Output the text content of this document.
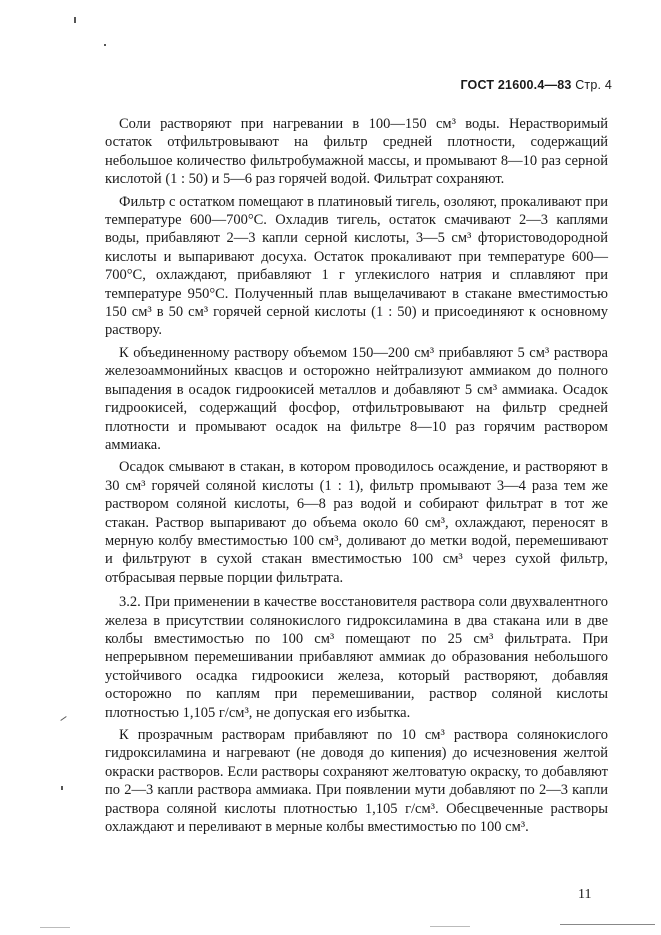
ГОСТ 21600.4—83 Стр. 4

Соли растворяют при нагревании в 100—150 см³ воды. Нерастворимый остаток отфильтровывают на фильтр средней плотности, содержащий небольшое количество фильтробумажной массы, и промывают 8—10 раз серной кислотой (1 : 50) и 5—6 раз горячей водой. Фильтрат сохраняют.

Фильтр с остатком помещают в платиновый тигель, озоляют, прокаливают при температуре 600—700°С. Охладив тигель, остаток смачивают 2—3 каплями воды, прибавляют 2—3 капли серной кислоты, 3—5 см³ фтористоводородной кислоты и выпаривают досуха. Остаток прокаливают при температуре 600—700°С, охлаждают, прибавляют 1 г углекислого натрия и сплавляют при температуре 950°С. Полученный плав выщелачивают в стакане вместимостью 150 см³ в 50 см³ горячей серной кислоты (1 : 50) и присоединяют к основному раствору.

К объединенному раствору объемом 150—200 см³ прибавляют 5 см³ раствора железоаммонийных квасцов и осторожно нейтрализуют аммиаком до полного выпадения в осадок гидроокисей металлов и добавляют 5 см³ аммиака. Осадок гидроокисей, содержащий фосфор, отфильтровывают на фильтр средней плотности и промывают осадок на фильтре 8—10 раз горячим раствором аммиака.

Осадок смывают в стакан, в котором проводилось осаждение, и растворяют в 30 см³ горячей соляной кислоты (1 : 1), фильтр промывают 3—4 раза тем же раствором соляной кислоты, 6—8 раз водой и собирают фильтрат в тот же стакан. Раствор выпаривают до объема около 60 см³, охлаждают, переносят в мерную колбу вместимостью 100 см³, доливают до метки водой, перемешивают и фильтруют в сухой стакан вместимостью 100 см³ через сухой фильтр, отбрасывая первые порции фильтрата.

3.2. При применении в качестве восстановителя раствора соли двухвалентного железа в присутствии солянокислого гидроксиламина в два стакана или в две колбы вместимостью по 100 см³ помещают по 25 см³ фильтрата. При непрерывном перемешивании прибавляют аммиак до образования небольшого устойчивого осадка гидроокиси железа, который растворяют, добавляя осторожно по каплям при перемешивании, раствор соляной кислоты плотностью 1,105 г/см³, не допуская его избытка.

К прозрачным растворам прибавляют по 10 см³ раствора солянокислого гидроксиламина и нагревают (не доводя до кипения) до исчезновения желтой окраски растворов. Если растворы сохраняют желтоватую окраску, то добавляют по 2—3 капли раствора аммиака. При появлении мути добавляют по 2—3 капли раствора соляной кислоты плотностью 1,105 г/см³. Обесцвеченные растворы охлаждают и переливают в мерные колбы вместимостью по 100 см³.

11
